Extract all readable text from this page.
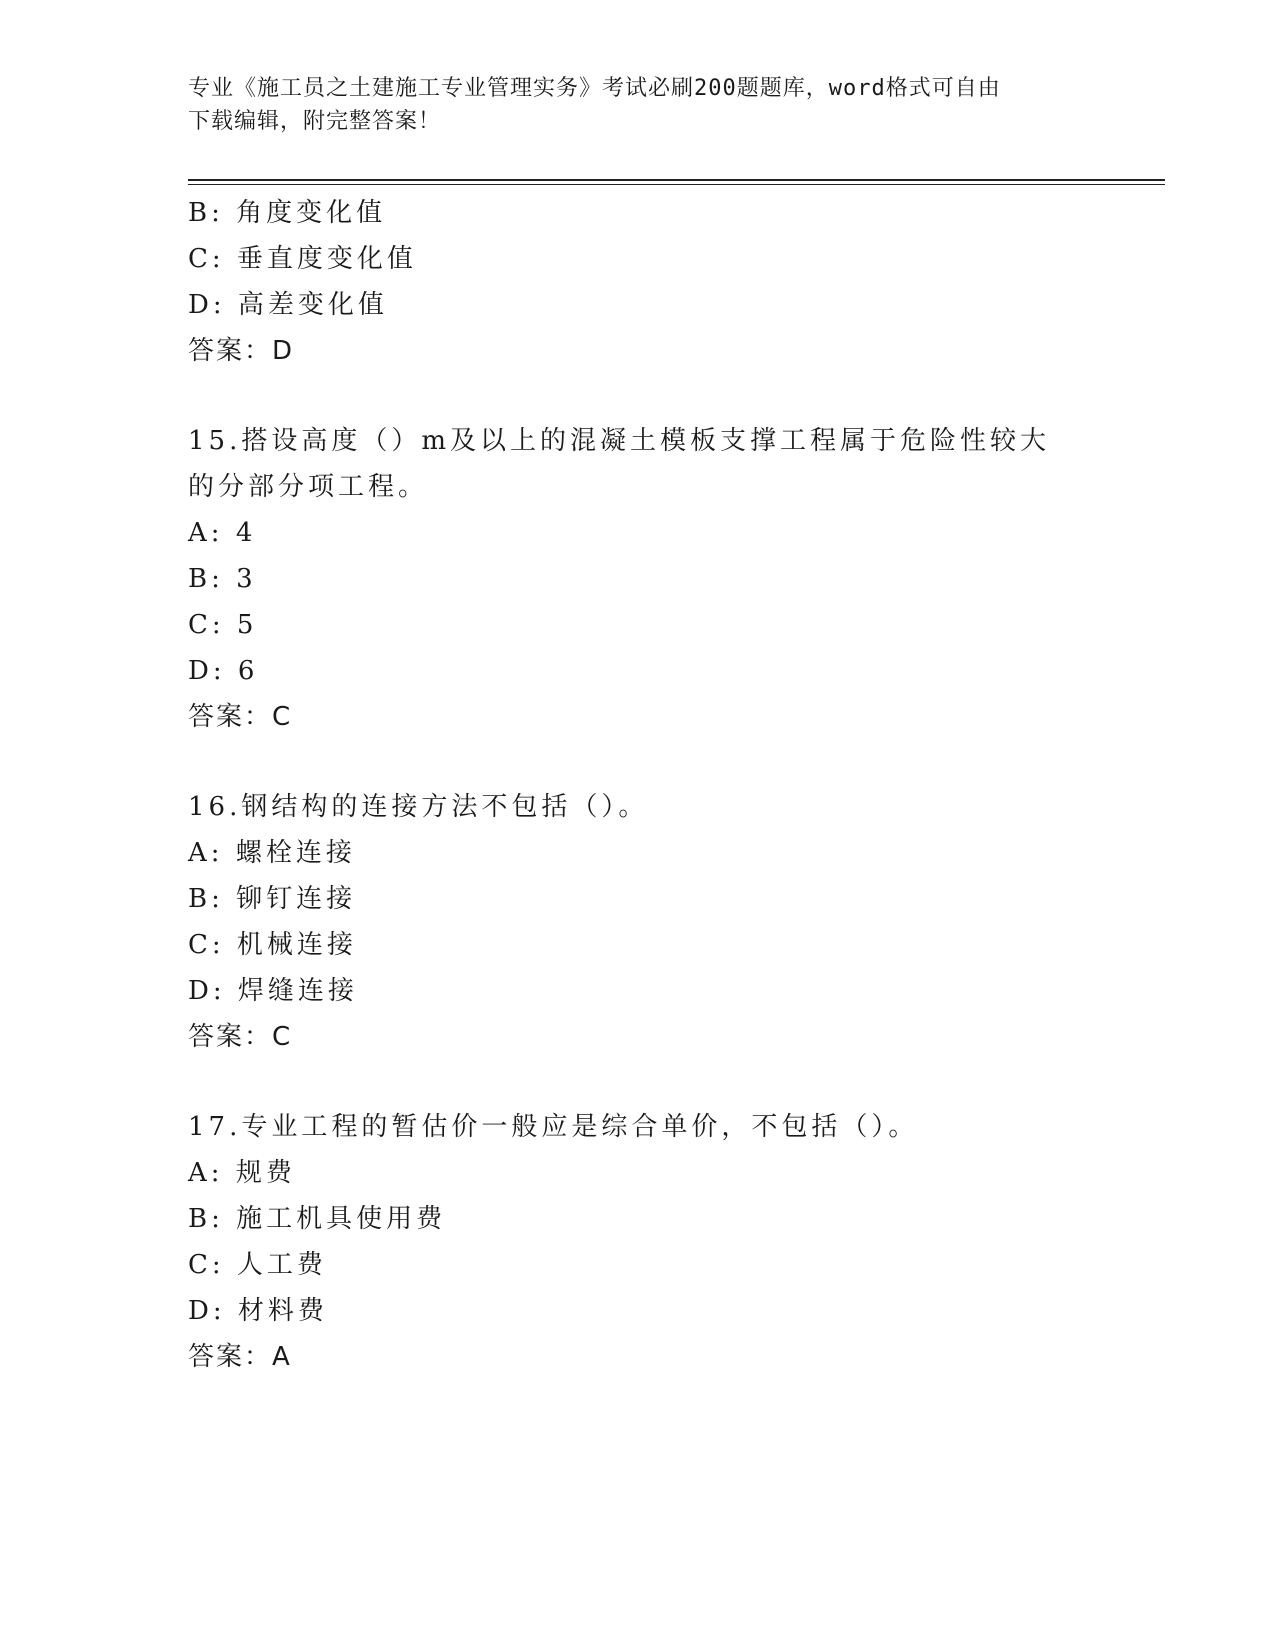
专业《施工员之土建施工专业管理实务》考试必刷200题题库，word格式可自由
下载编辑，附完整答案！
B: 角度变化值
C: 垂直度变化值
D: 高差变化值
答案：D
15.搭设高度（）m及以上的混凝土模板支撑工程属于危险性较大的分部分项工程。
A: 4
B: 3
C: 5
D: 6
答案：C
16.钢结构的连接方法不包括（）。
A: 螺栓连接
B: 铆钉连接
C: 机械连接
D: 焊缝连接
答案：C
17.专业工程的暂估价一般应是综合单价，不包括（）。
A: 规费
B: 施工机具使用费
C: 人工费
D: 材料费
答案：A
